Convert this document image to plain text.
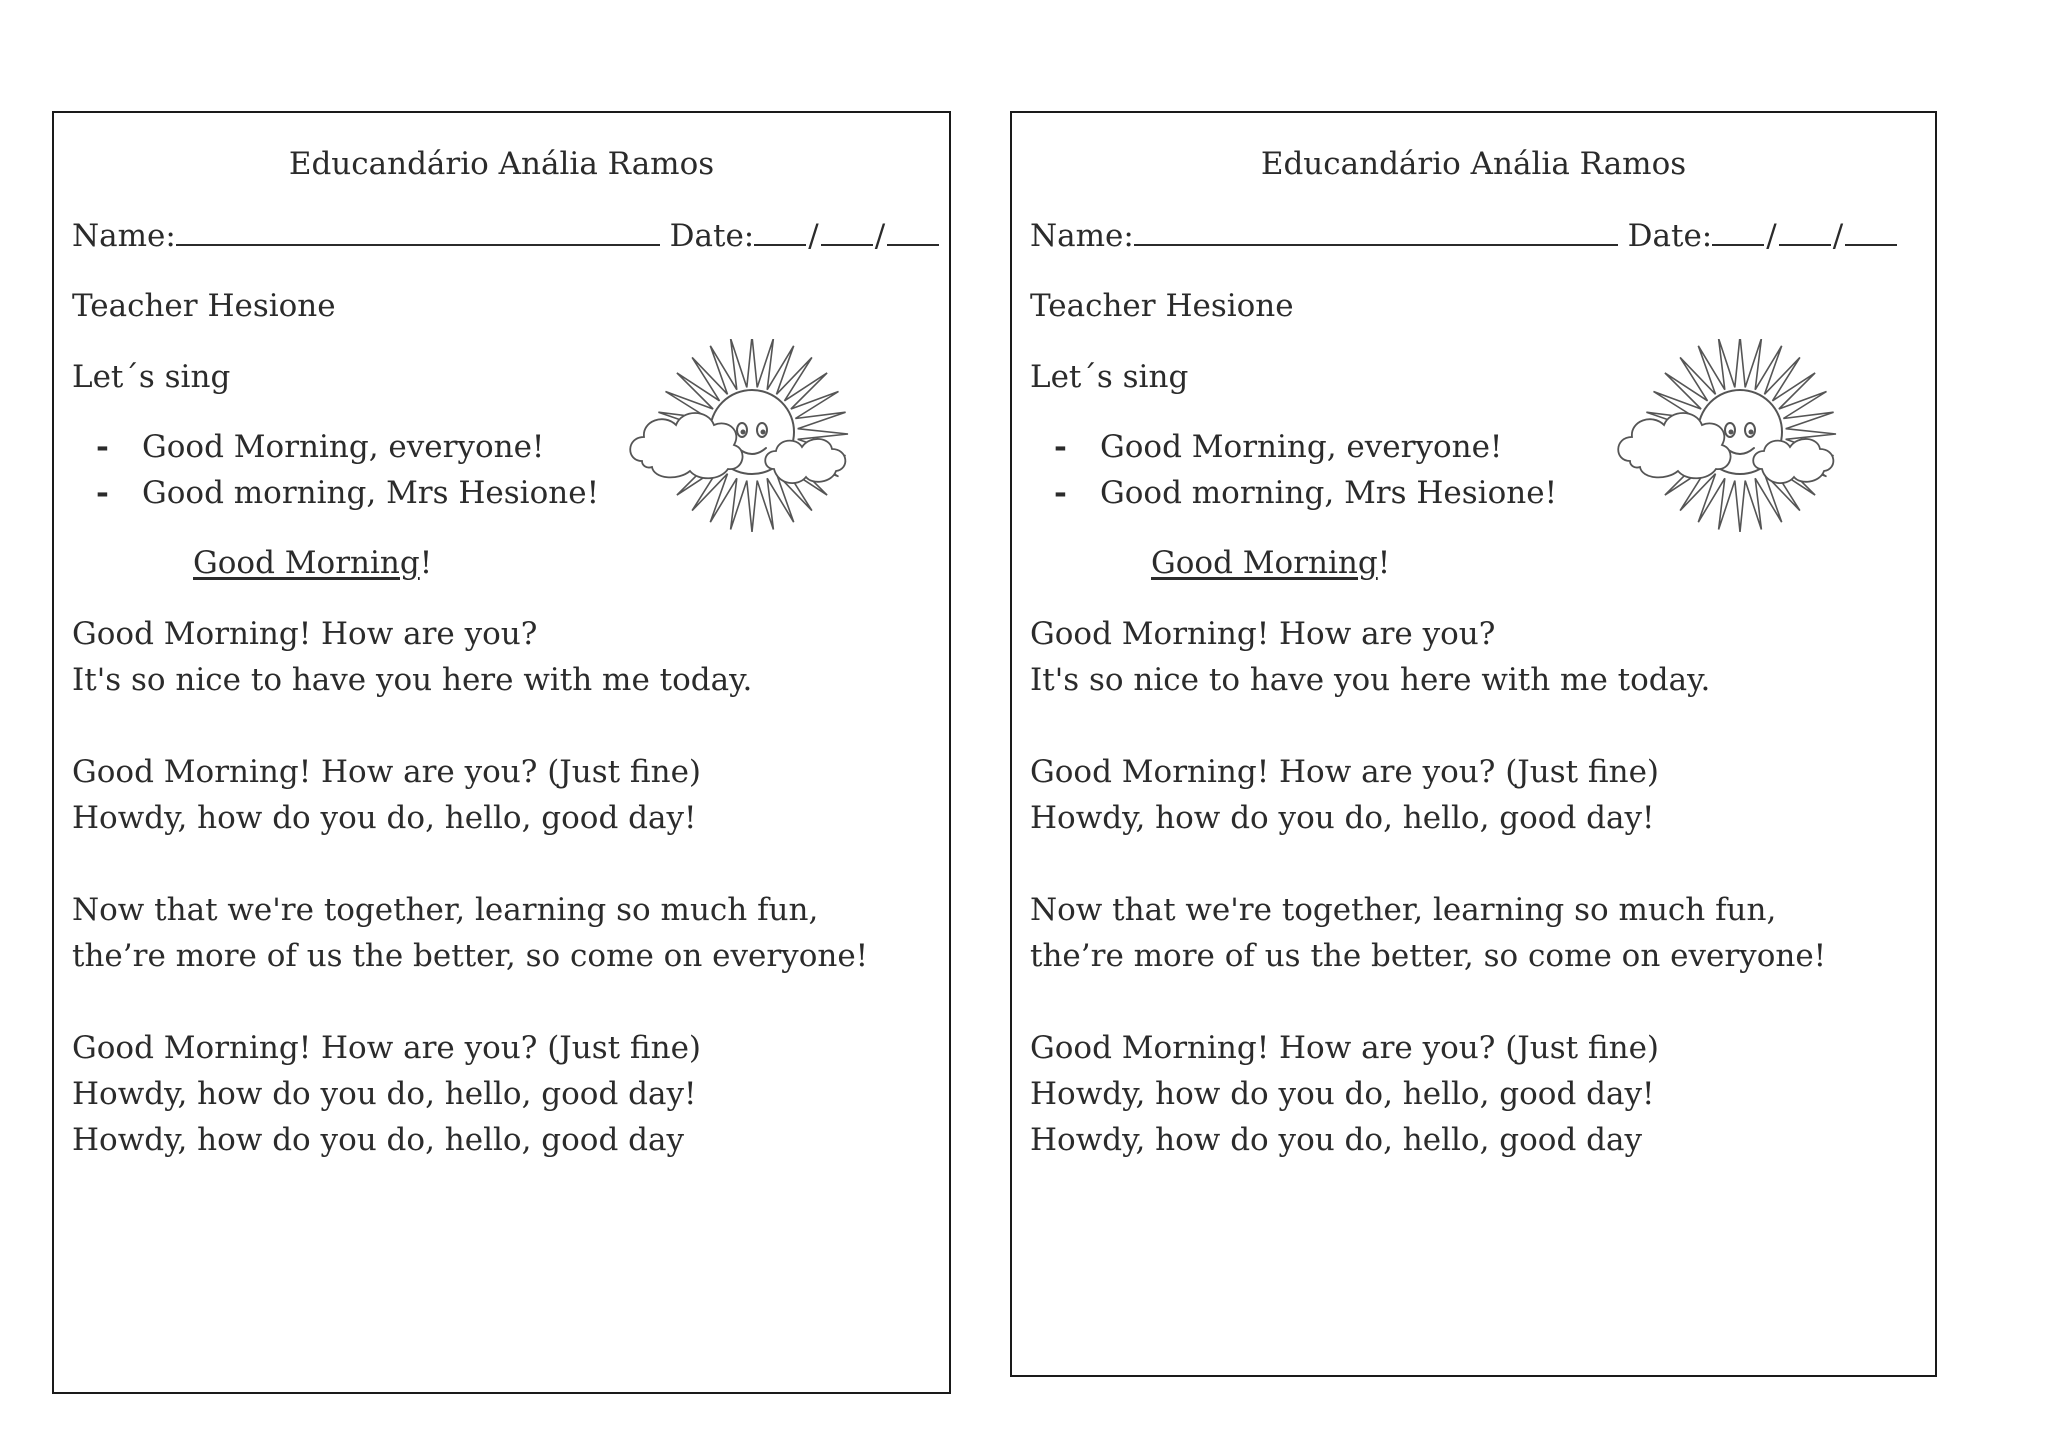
Educandário Anália Ramos
Name:	Date: / /
Teacher Hesione
Let´s sing
- Good Morning, everyone!
- Good morning, Mrs Hesione!
Good Morning!
Good Morning! How are you?
It's so nice to have you here with me today.
Good Morning! How are you? (Just fine)
Howdy, how do you do, hello, good day!
Now that we're together, learning so much fun,
the’re more of us the better, so come on everyone!
Good Morning! How are you? (Just fine)
Howdy, how do you do, hello, good day!
Howdy, how do you do, hello, good day
Educandário Anália Ramos
Name:	Date: / /
Teacher Hesione
Let´s sing
- Good Morning, everyone!
- Good morning, Mrs Hesione!
Good Morning!
Good Morning! How are you?
It's so nice to have you here with me today.
Good Morning! How are you? (Just fine)
Howdy, how do you do, hello, good day!
Now that we're together, learning so much fun,
the’re more of us the better, so come on everyone!
Good Morning! How are you? (Just fine)
Howdy, how do you do, hello, good day!
Howdy, how do you do, hello, good day
